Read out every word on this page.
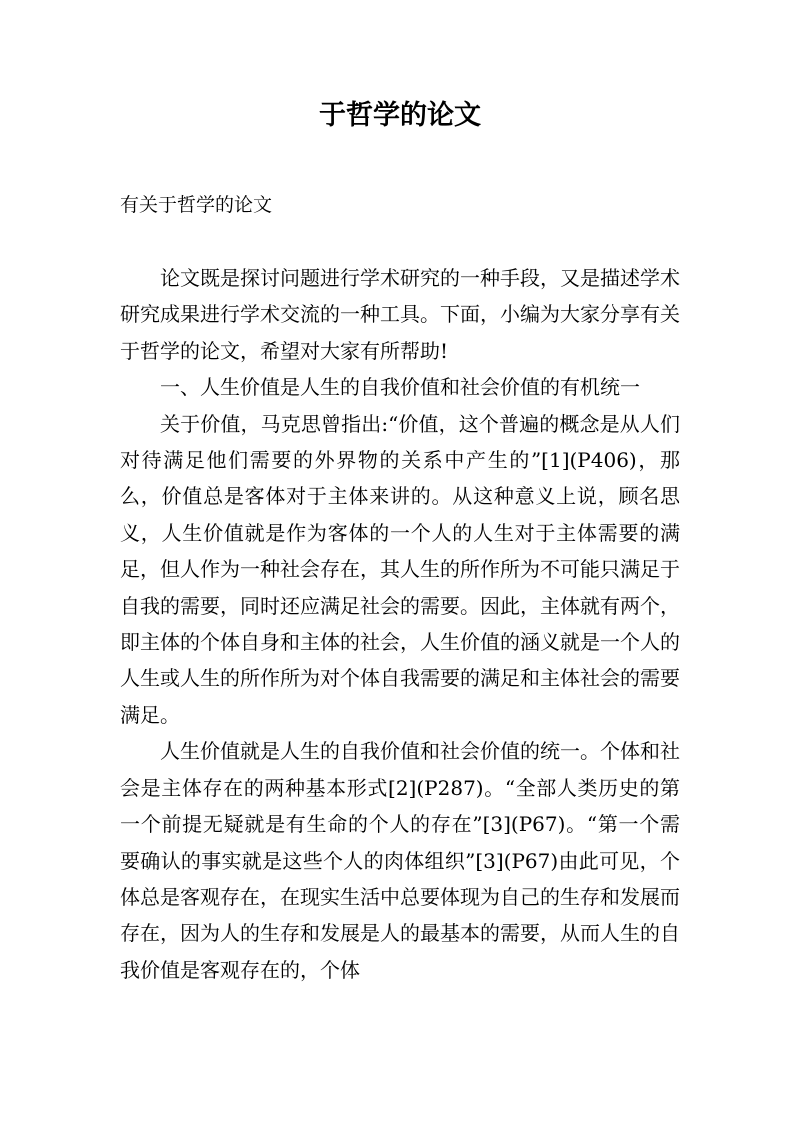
于哲学的论文

有关于哲学的论文

论文既是探讨问题进行学术研究的一种手段，又是描述学术研究成果进行学术交流的一种工具。下面，小编为大家分享有关于哲学的论文，希望对大家有所帮助!

一、人生价值是人生的自我价值和社会价值的有机统一

关于价值，马克思曾指出:“价值，这个普遍的概念是从人们对待满足他们需要的外界物的关系中产生的”[1](P406)，那么，价值总是客体对于主体来讲的。从这种意义上说，顾名思义，人生价值就是作为客体的一个人的人生对于主体需要的满足，但人作为一种社会存在，其人生的所作所为不可能只满足于自我的需要，同时还应满足社会的需要。因此，主体就有两个，即主体的个体自身和主体的社会，人生价值的涵义就是一个人的人生或人生的所作所为对个体自我需要的满足和主体社会的需要满足。

人生价值就是人生的自我价值和社会价值的统一。个体和社会是主体存在的两种基本形式[2](P287)。“全部人类历史的第一个前提无疑就是有生命的个人的存在”[3](P67)。“第一个需要确认的事实就是这些个人的肉体组织”[3](P67)由此可见，个体总是客观存在，在现实生活中总要体现为自己的生存和发展而存在，因为人的生存和发展是人的最基本的需要，从而人生的自我价值是客观存在的，个体
